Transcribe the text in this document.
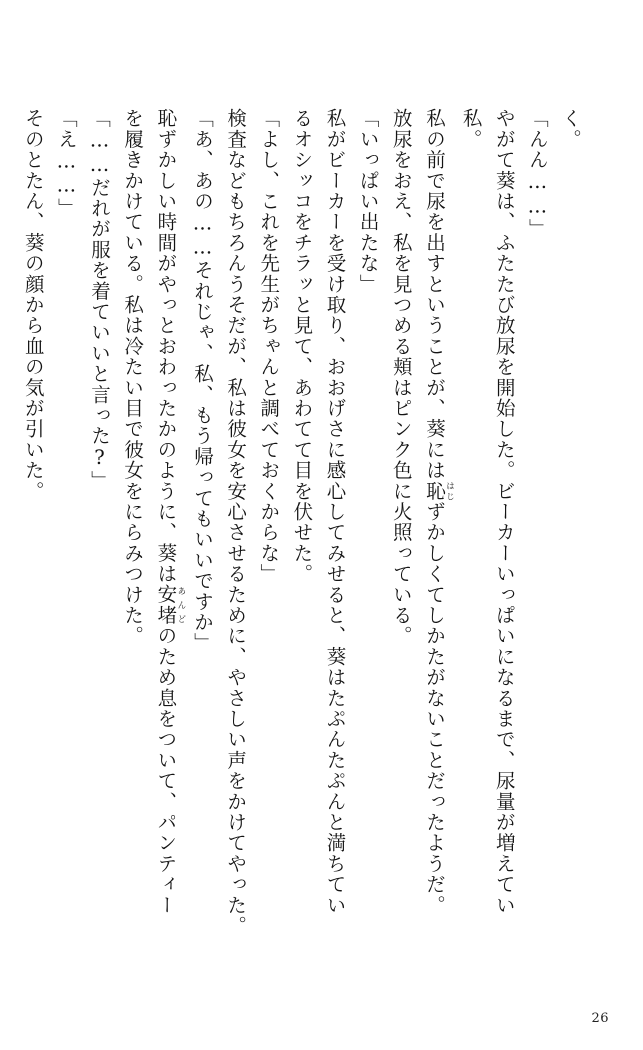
く。

「んん……」

やがて葵は、ふたたび放尿を開始した。ビーカーいっぱいになるまで、尿量が増えてい

私。

私の前で尿を出すということが、葵には恥はじずかしくてしかたがないことだったようだ。

放尿をおえ、私を見つめる頬はピンク色に火照っている。

「いっぱい出たな」

私がビーカーを受け取り、おおげさに感心してみせると、葵はたぷんたぷんと満ちてい

るオシッコをチラッと見て、あわてて目を伏せた。

「よし、これを先生がちゃんと調べておくからな」

検査などもちろんうそだが、私は彼女を安心させるために、やさしい声をかけてやった。

「あ、あの……それじゃ、私、もう帰ってもいいですか」

恥ずかしい時間がやっとおわったかのように、葵は安堵あんどのため息をついて、パンティー

を履きかけている。私は冷たい目で彼女をにらみつけた。

「……だれが服を着ていいと言った?」

「え……」

そのとたん、葵の顔から血の気が引いた。

26
